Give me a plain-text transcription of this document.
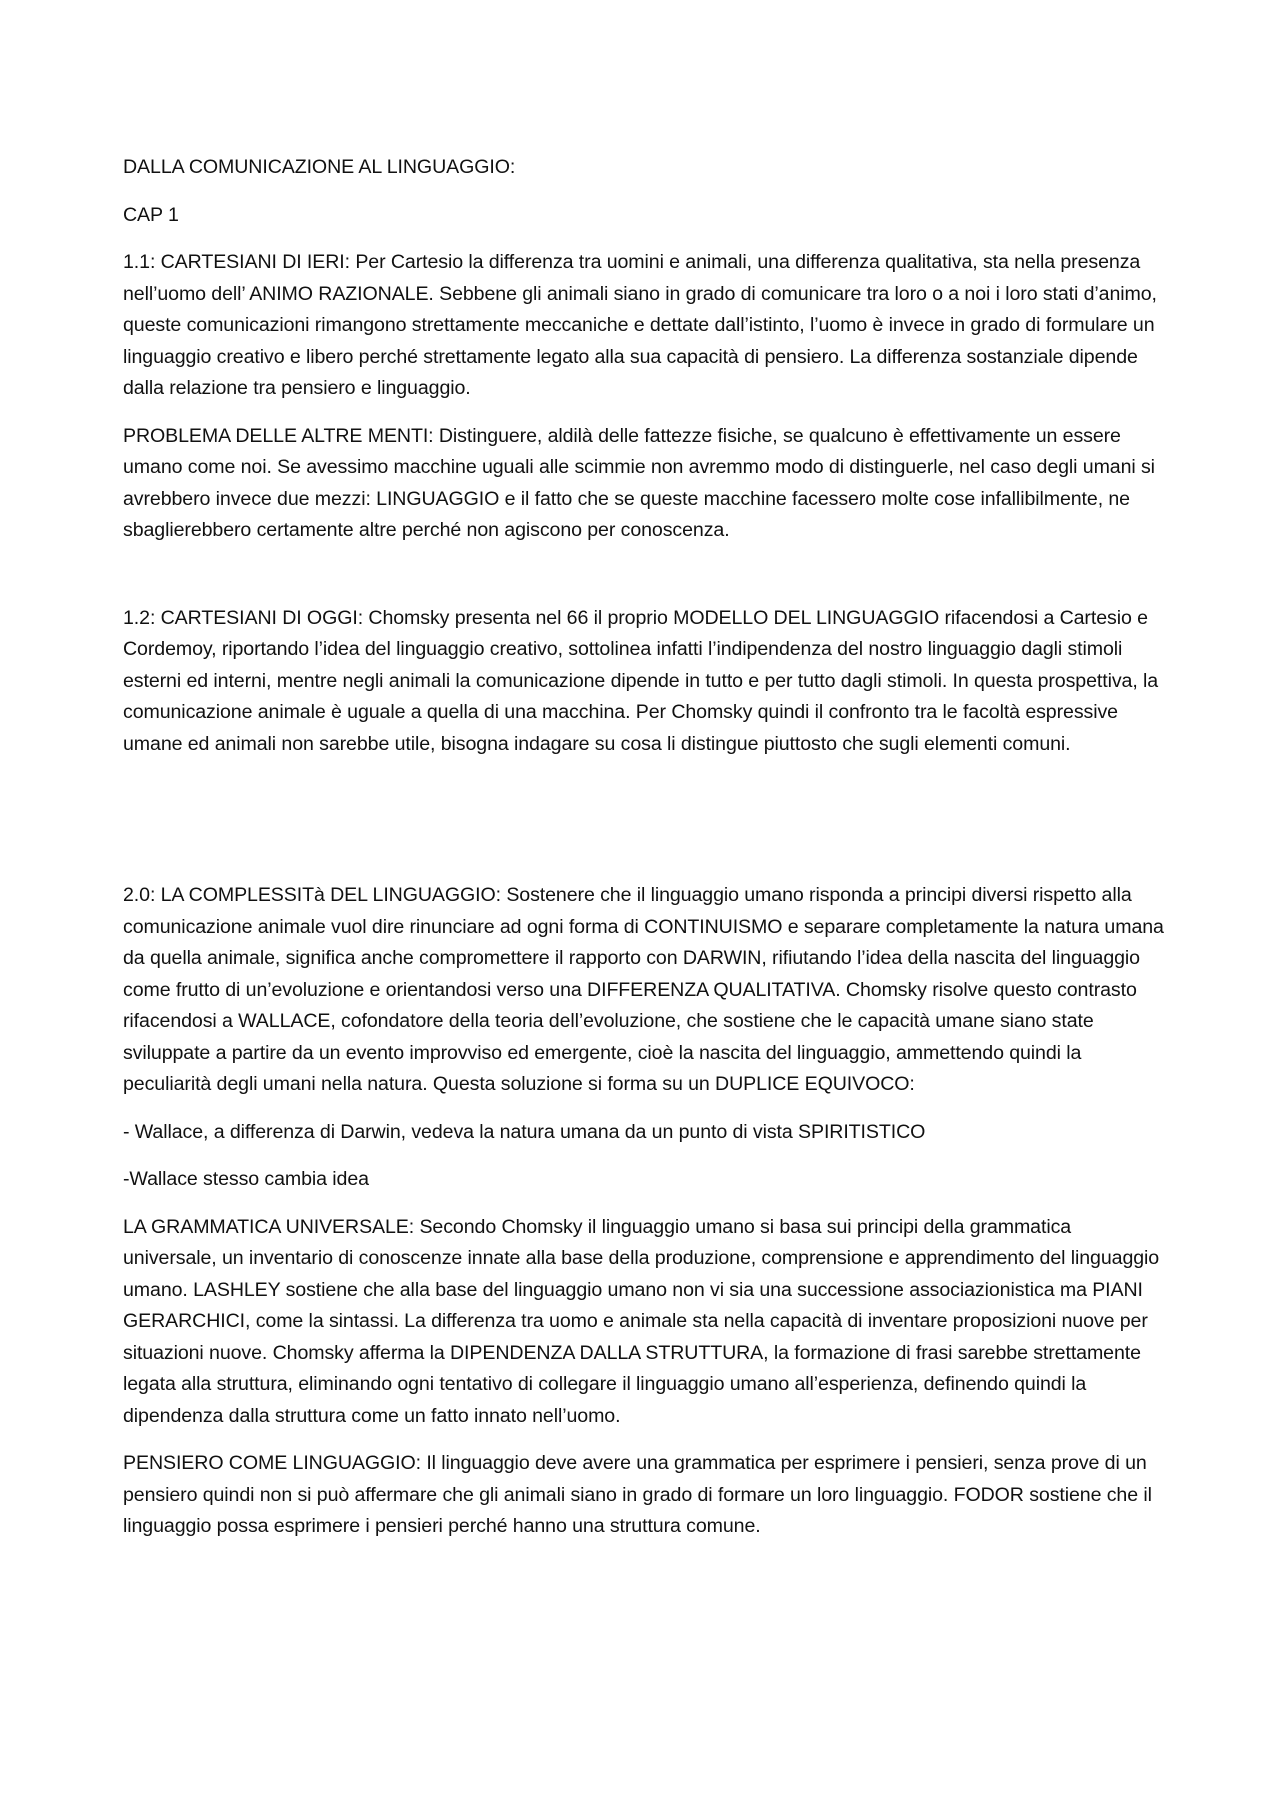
DALLA COMUNICAZIONE AL LINGUAGGIO:

CAP 1

1.1: CARTESIANI DI IERI: Per Cartesio la differenza tra uomini e animali, una differenza qualitativa, sta nella presenza nell’uomo dell’ ANIMO RAZIONALE. Sebbene gli animali siano in grado di comunicare tra loro o a noi i loro stati d’animo, queste comunicazioni rimangono strettamente meccaniche e dettate dall’istinto, l’uomo è invece in grado di formulare un linguaggio creativo e libero perché strettamente legato alla sua capacità di pensiero. La differenza sostanziale dipende dalla relazione tra pensiero e linguaggio.

PROBLEMA DELLE ALTRE MENTI: Distinguere, aldilà delle fattezze fisiche, se qualcuno è effettivamente un essere umano come noi. Se avessimo macchine uguali alle scimmie non avremmo modo di distinguerle, nel caso degli umani si avrebbero invece due mezzi: LINGUAGGIO e il fatto che se queste macchine facessero molte cose infallibilmente, ne sbaglierebbero certamente altre perché non agiscono per conoscenza.

1.2: CARTESIANI DI OGGI: Chomsky presenta nel 66 il proprio MODELLO DEL LINGUAGGIO rifacendosi a Cartesio e Cordemoy, riportando l’idea del linguaggio creativo, sottolinea infatti l’indipendenza del nostro linguaggio dagli stimoli esterni ed interni, mentre negli animali la comunicazione dipende in tutto e per tutto dagli stimoli. In questa prospettiva, la comunicazione animale è uguale a quella di una macchina. Per Chomsky quindi il confronto tra le facoltà espressive umane ed animali non sarebbe utile, bisogna indagare su cosa li distingue piuttosto che sugli elementi comuni.

2.0: LA COMPLESSITà DEL LINGUAGGIO: Sostenere che il linguaggio umano risponda a principi diversi rispetto alla comunicazione animale vuol dire rinunciare ad ogni forma di CONTINUISMO e separare completamente la natura umana da quella animale, significa anche compromettere il rapporto con DARWIN, rifiutando l’idea della nascita del linguaggio come frutto di un’evoluzione e orientandosi verso una DIFFERENZA QUALITATIVA. Chomsky risolve questo contrasto rifacendosi a WALLACE, cofondatore della teoria dell’evoluzione, che sostiene che le capacità umane siano state sviluppate a partire da un evento improvviso ed emergente, cioè la nascita del linguaggio, ammettendo quindi la peculiarità degli umani nella natura. Questa soluzione si forma su un DUPLICE EQUIVOCO:

- Wallace, a differenza di Darwin, vedeva la natura umana da un punto di vista SPIRITISTICO

-Wallace stesso cambia idea

LA GRAMMATICA UNIVERSALE: Secondo Chomsky il linguaggio umano si basa sui principi della grammatica universale, un inventario di conoscenze innate alla base della produzione, comprensione e apprendimento del linguaggio umano. LASHLEY sostiene che alla base del linguaggio umano non vi sia una successione associazionistica ma PIANI GERARCHICI, come la sintassi. La differenza tra uomo e animale sta nella capacità di inventare proposizioni nuove per situazioni nuove. Chomsky afferma la DIPENDENZA DALLA STRUTTURA, la formazione di frasi sarebbe strettamente legata alla struttura, eliminando ogni tentativo di collegare il linguaggio umano all’esperienza, definendo quindi la dipendenza dalla struttura come un fatto innato nell’uomo.

PENSIERO COME LINGUAGGIO: Il linguaggio deve avere una grammatica per esprimere i pensieri, senza prove di un pensiero quindi non si può affermare che gli animali siano in grado di formare un loro linguaggio. FODOR sostiene che il linguaggio possa esprimere i pensieri perché hanno una struttura comune.
